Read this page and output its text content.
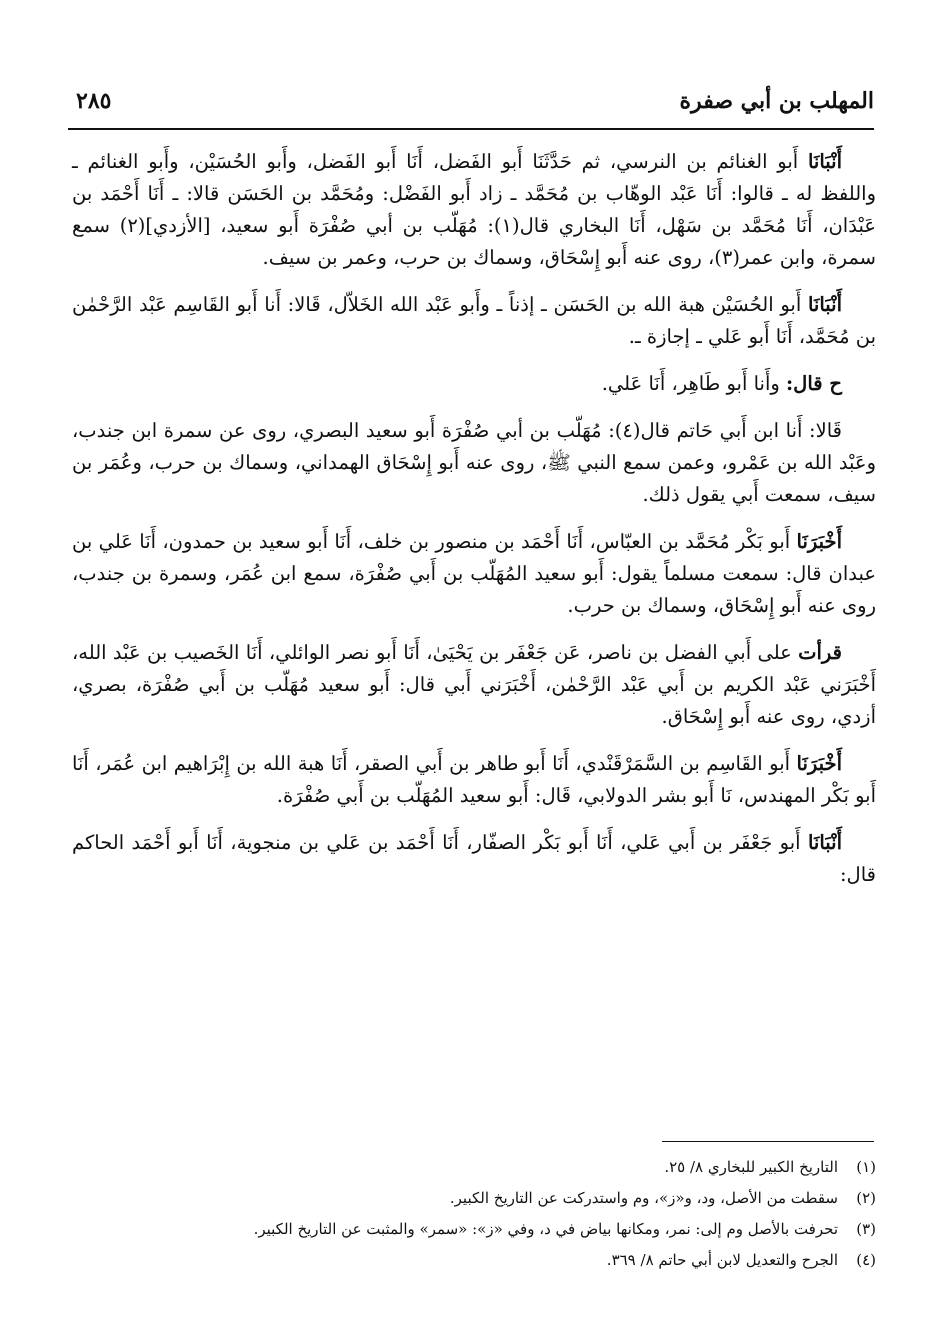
المهلب بن أبي صفرة
٢٨٥

أَنْبَانَا أَبو الغنائم بن النرسي، ثم حَدَّثَنَا أَبو الفَضل، أَنَا أَبو الفَضل، وأَبو الحُسَيْن، وأَبو الغنائم ـ واللفظ له ـ قالوا: أَنَا عَبْد الوهّاب بن مُحَمَّد ـ زاد أَبو الفَضْل: ومُحَمَّد بن الحَسَن قالا: ـ أَنَا أَحْمَد بن عَبْدَان، أَنَا مُحَمَّد بن سَهْل، أَنَا البخاري قال(١): مُهَلّب بن أبي صُفْرَة أَبو سعيد، [الأزدي](٢) سمع سمرة، وابن عمر(٣)، روى عنه أَبو إِسْحَاق، وسماك بن حرب، وعمر بن سيف.

أَنْبَانَا أَبو الحُسَيْن هبة الله بن الحَسَن ـ إذناً ـ وأَبو عَبْد الله الخَلاّل، قَالا: أَنا أَبو القَاسِم عَبْد الرَّحْمٰن بن مُحَمَّد، أَنَا أَبو عَلي ـ إجازة ـ.

ح قال: وأَنا أَبو طَاهِر، أَنَا عَلي.

قَالا: أَنا ابن أَبي حَاتم قال(٤): مُهَلّب بن أبي صُفْرَة أَبو سعيد البصري، روى عن سمرة ابن جندب، وعَبْد الله بن عَمْرو، وعمن سمع النبي ﷺ، روى عنه أَبو إِسْحَاق الهمداني، وسماك بن حرب، وعُمَر بن سيف، سمعت أَبي يقول ذلك.

أَخْبَرَنَا أَبو بَكْر مُحَمَّد بن العبّاس، أَنَا أَحْمَد بن منصور بن خلف، أَنَا أَبو سعيد بن حمدون، أَنَا عَلي بن عبدان قال: سمعت مسلماً يقول: أَبو سعيد المُهَلّب بن أَبي صُفْرَة، سمع ابن عُمَر، وسمرة بن جندب، روى عنه أَبو إِسْحَاق، وسماك بن حرب.

قرأت على أَبي الفضل بن ناصر، عَن جَعْفَر بن يَحْيَىٰ، أَنَا أَبو نصر الوائلي، أَنَا الخَصيب بن عَبْد الله، أَخْبَرَني عَبْد الكريم بن أَبي عَبْد الرَّحْمٰن، أَخْبَرَني أَبي قال: أَبو سعيد مُهَلّب بن أَبي صُفْرَة، بصري، أزدي، روى عنه أَبو إِسْحَاق.

أَخْبَرَنَا أَبو القَاسِم بن السَّمَرْقَنْدي، أَنَا أَبو طاهر بن أَبي الصقر، أَنَا هبة الله بن إِبْرَاهيم ابن عُمَر، أَنَا أَبو بَكْر المهندس، نَا أَبو بشر الدولابي، قَال: أَبو سعيد المُهَلّب بن أَبي صُفْرَة.

أَنْبَانَا أَبو جَعْفَر بن أَبي عَلي، أَنَا أَبو بَكْر الصفّار، أَنَا أَحْمَد بن عَلي بن منجوية، أَنَا أَبو أَحْمَد الحاكم قال:

(١)
التاريخ الكبير للبخاري ٨/ ٢٥.
(٢)
سقطت من الأصل، ود، و«ز»، وم واستدركت عن التاريخ الكبير.
(٣)
تحرفت بالأصل وم إلى: نمر، ومكانها بياض في د، وفي «ز»: «سمر» والمثبت عن التاريخ الكبير.
(٤)
الجرح والتعديل لابن أبي حاتم ٨/ ٣٦٩.
